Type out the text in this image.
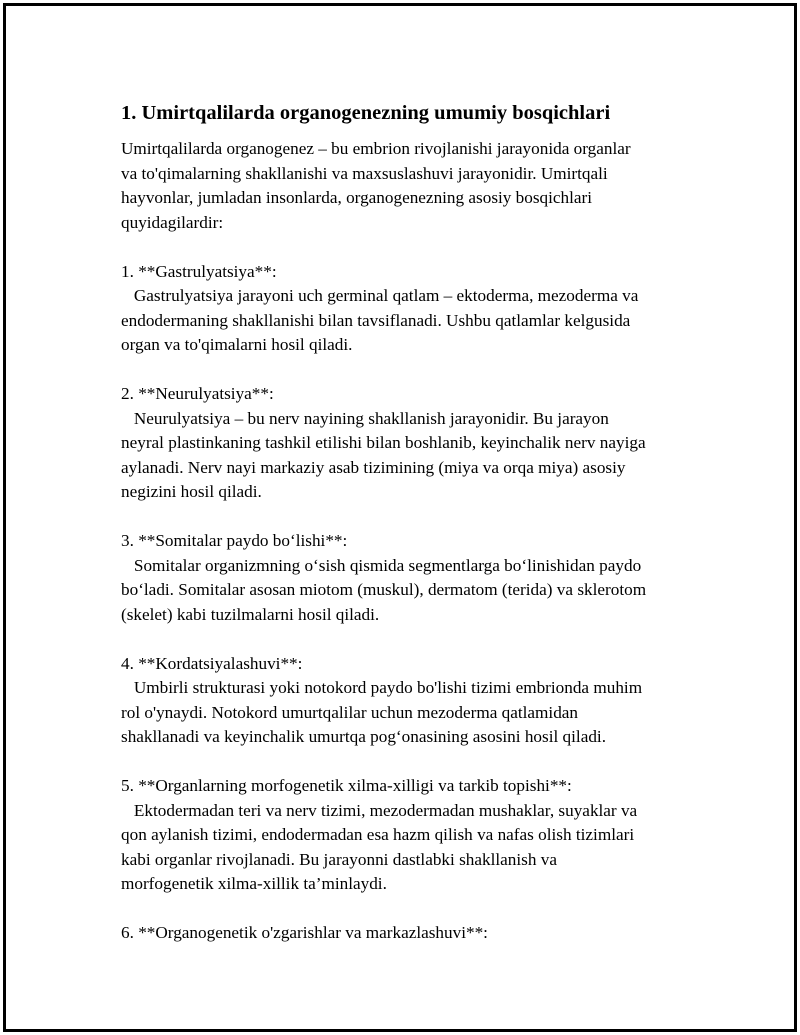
1. Umirtqalilarda organogenezning umumiy bosqichlari

Umirtqalilarda organogenez – bu embrion rivojlanishi jarayonida organlar
va to'qimalarning shakllanishi va maxsuslashuvi jarayonidir. Umirtqali
hayvonlar, jumladan insonlarda, organogenezning asosiy bosqichlari
quyidagilardir:

1. **Gastrulyatsiya**:
Gastrulyatsiya jarayoni uch germinal qatlam – ektoderma, mezoderma va
endodermaning shakllanishi bilan tavsiflanadi. Ushbu qatlamlar kelgusida
organ va to'qimalarni hosil qiladi.

2. **Neurulyatsiya**:
Neurulyatsiya – bu nerv nayining shakllanish jarayonidir. Bu jarayon
neyral plastinkaning tashkil etilishi bilan boshlanib, keyinchalik nerv nayiga
aylanadi. Nerv nayi markaziy asab tizimining (miya va orqa miya) asosiy
negizini hosil qiladi.

3. **Somitalar paydo bo‘lishi**:
Somitalar organizmning o‘sish qismida segmentlarga bo‘linishidan paydo
bo‘ladi. Somitalar asosan miotom (muskul), dermatom (terida) va sklerotom
(skelet) kabi tuzilmalarni hosil qiladi.

4. **Kordatsiyalashuvi**:
Umbirli strukturasi yoki notokord paydo bo'lishi tizimi embrionda muhim
rol o'ynaydi. Notokord umurtqalilar uchun mezoderma qatlamidan
shakllanadi va keyinchalik umurtqa pog‘onasining asosini hosil qiladi.

5. **Organlarning morfogenetik xilma-xilligi va tarkib topishi**:
Ektodermadan teri va nerv tizimi, mezodermadan mushaklar, suyaklar va
qon aylanish tizimi, endodermadan esa hazm qilish va nafas olish tizimlari
kabi organlar rivojlanadi. Bu jarayonni dastlabki shakllanish va
morfogenetik xilma-xillik ta’minlaydi.

6. **Organogenetik o'zgarishlar va markazlashuvi**:
